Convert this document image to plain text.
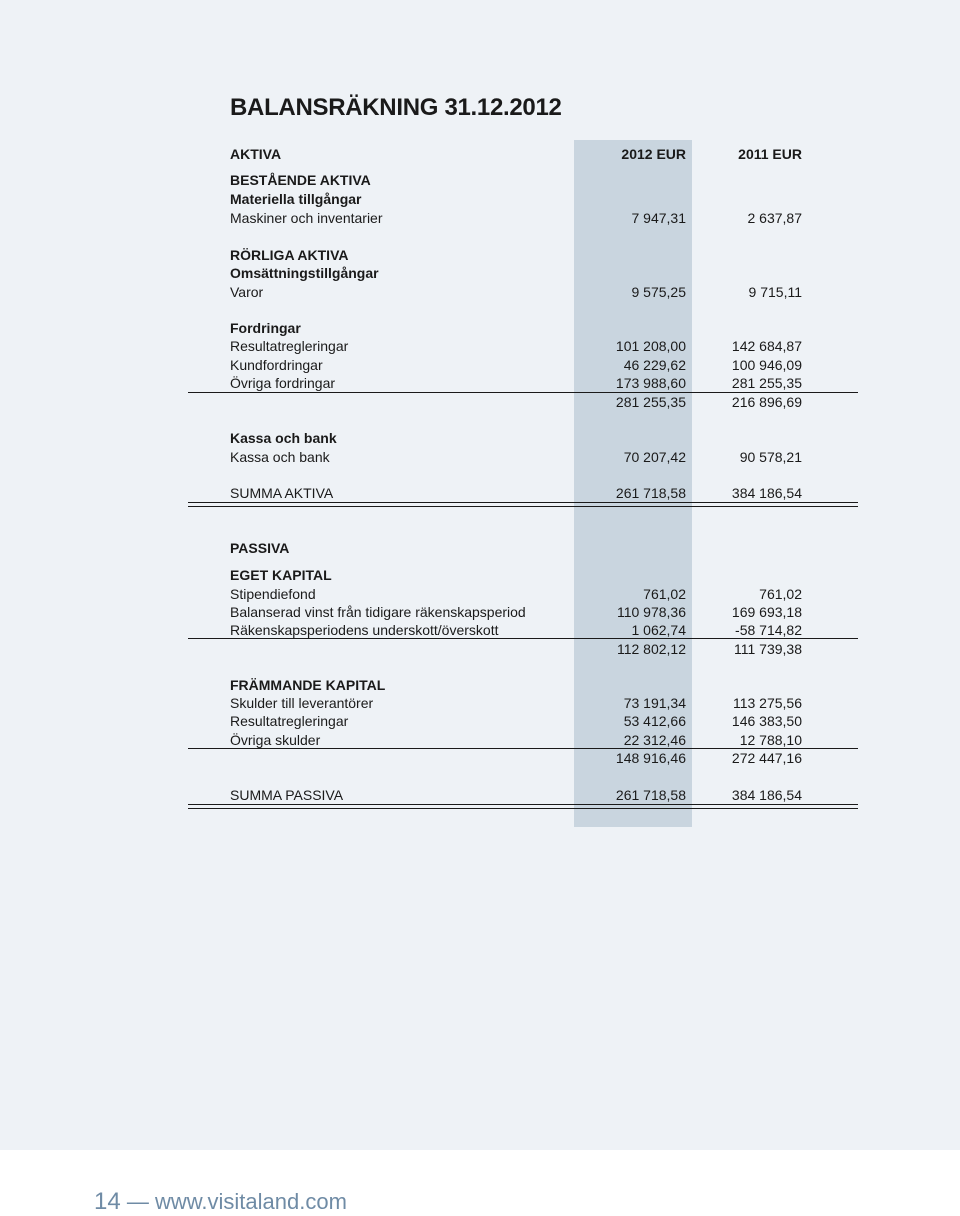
BALANSRÄKNING 31.12.2012
AKTIVA	2012 EUR	2011 EUR
BESTÅENDE AKTIVA
Materiella tillgångar
Maskiner och inventarier	7 947,31	2 637,87
RÖRLIGA AKTIVA
Omsättningstillgångar
Varor	9 575,25	9 715,11
Fordringar
Resultatregleringar	101 208,00	142 684,87
Kundfordringar	46 229,62	100 946,09
Övriga fordringar	173 988,60	281 255,35
281 255,35	216 896,69
Kassa och bank
Kassa och bank	70 207,42	90 578,21
SUMMA AKTIVA	261 718,58	384 186,54
PASSIVA
EGET KAPITAL
Stipendiefond	761,02	761,02
Balanserad vinst från tidigare räkenskapsperiod	110 978,36	169 693,18
Räkenskapsperiodens underskott/överskott	1 062,74	-58 714,82
112 802,12	111 739,38
FRÄMMANDE KAPITAL
Skulder till leverantörer	73 191,34	113 275,56
Resultatregleringar	53 412,66	146 383,50
Övriga skulder	22 312,46	12 788,10
148 916,46	272 447,16
SUMMA PASSIVA	261 718,58	384 186,54
14 — www.visitaland.com
